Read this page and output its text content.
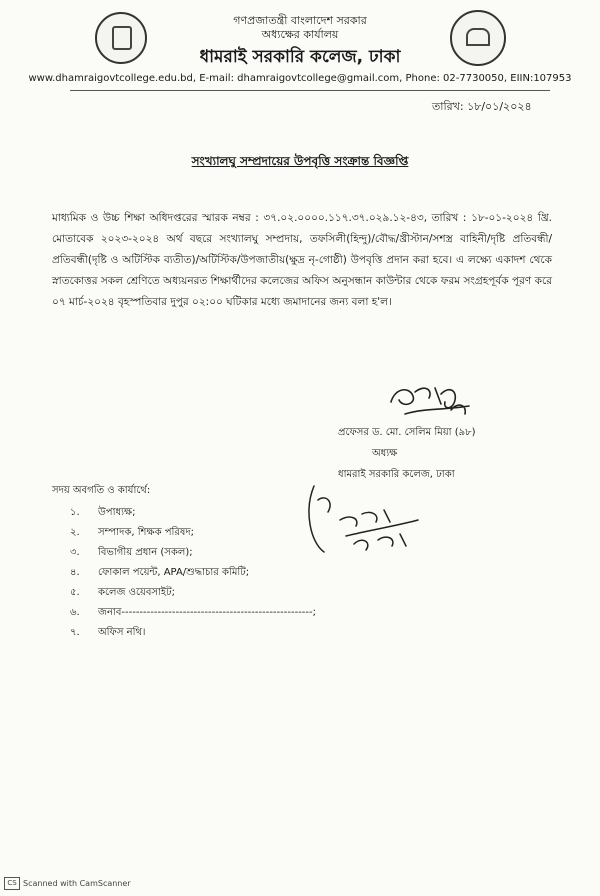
গণপ্রজাতন্ত্রী বাংলাদেশ সরকার
অধ্যক্ষের কার্যালয়
ধামরাই সরকারি কলেজ, ঢাকা
www.dhamraigovtcollege.edu.bd, E-mail: dhamraigovtcollege@gmail.com, Phone: 02-7730050, EIIN:107953
তারিখ: ১৮/০১/২০২৪
সংখ্যালঘু সম্প্রদায়ের উপবৃত্তি সংক্রান্ত বিজ্ঞপ্তি
মাধ্যমিক ও উচ্চ শিক্ষা অধিদপ্তরের স্মারক নম্বর : ৩৭.০২.০০০০.১১৭.৩৭.০২৯.১২-৪৩, তারিখ : ১৮-০১-২০২৪ খ্রি. মোতাবেক ২০২৩-২০২৪ অর্থ বছরে সংখ্যালঘু সম্প্রদায়, তফসিলী(হিন্দু)/বৌদ্ধ/খ্রীস্টান/সশস্ত্র বাহিনী/দৃষ্টি প্রতিবন্ধী/প্রতিবন্ধী(দৃষ্টি ও অটিস্টিক ব্যতীত)/অটিস্টিক/উপজাতীয়(ক্ষুদ্র নৃ-গোষ্ঠী) উপবৃত্তি প্রদান করা হবে। এ লক্ষ্যে একাদশ থেকে স্নাতকোত্তর সকল শ্রেণিতে অধ্যয়নরত শিক্ষার্থীদের কলেজের অফিস অনুসন্ধান কাউন্টার থেকে ফরম সংগ্রহপূর্বক পূরণ করে ০৭ মার্চ-২০২৪ বৃহস্পতিবার দুপুর ০২:০০ ঘটিকার মধ্যে জমাদানের জন্য বলা হ'ল।
প্রফেসর ড. মো. সেলিম মিয়া (৯৮)
অধ্যক্ষ
ধামরাই সরকারি কলেজ, ঢাকা
সদয় অবগতি ও কার্যার্থে:
১. উপাধ্যক্ষ;
২. সম্পাদক, শিক্ষক পরিষদ;
৩. বিভাগীয় প্রধান (সকল);
৪. ফোকাল পয়েন্ট, APA/শুদ্ধাচার কমিটি;
৫. কলেজ ওয়েবসাইট;
৬. জনাব-----------------------------------------------------;
৭. অফিস নথি।
CS Scanned with CamScanner
